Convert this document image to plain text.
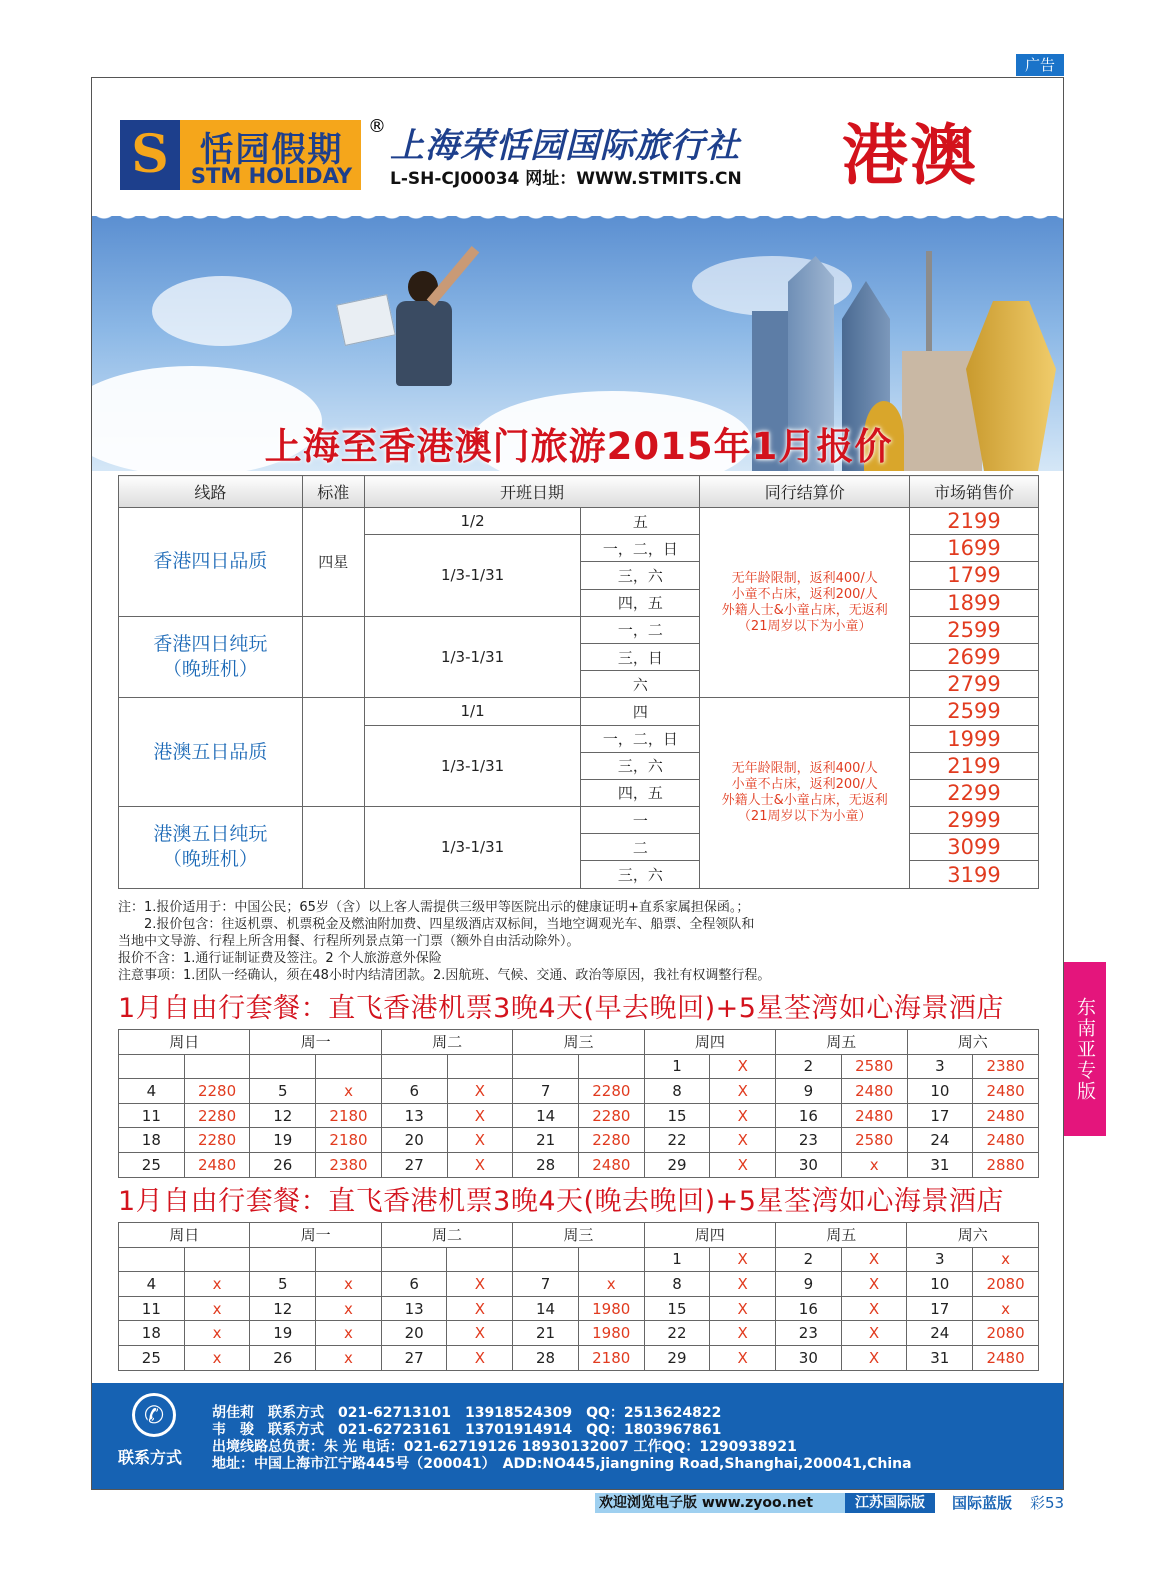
广告
S 恬园假期
STM HOLIDAY
® 上海荣恬园国际旅行社
L-SH-CJ00034 网址：WWW.STMITS.CN 港澳
上海至香港澳门旅游2015年1月报价
线路	标准	开班日期		同行结算价	市场销售价
香港四日品质	四星	1/2	五	无年龄限制，返利400/人
小童不占床，返利200/人
外籍人士&小童占床，无返利
（21周岁以下为小童）	2199
		1/3-1/31	一，二，日		1699
			三，六		1799
			四，五		1899

香港四日纯玩
（晚班机）		1/3-1/31	一，二		2599
			三，日		2699
			六		2799
港澳五日品质		1/1	四	无年龄限制，返利400/人
小童不占床，返利200/人
外籍人士&小童占床，无返利
（21周岁以下为小童）	2599
		1/3-1/31	一，二，日		1999
			三，六		2199
			四，五		2299

港澳五日纯玩
（晚班机）		1/3-1/31	一		2999
			二		3099
			三，六		3199
注：1.报价适用于：中国公民；65岁（含）以上客人需提供三级甲等医院出示的健康证明+直系家属担保函。；
　　2.报价包含：往返机票、机票税金及燃油附加费、四星级酒店双标间，当地空调观光车、船票、全程领队和
当地中文导游、行程上所含用餐、行程所列景点第一门票（额外自由活动除外）。
报价不含：1.通行证制证费及签注。2 个人旅游意外保险
注意事项：1.团队一经确认，须在48小时内结清团款。2.因航班、气候、交通、政治等原因，我社有权调整行程。
1月自由行套餐：直飞香港机票3晚4天(早去晚回)+5星荃湾如心海景酒店
周日		周一		周二		周三		周四		周五		周六	
								1	X	2	2580	3	2380
4	2280	5	x	6	X	7	2280	8	X	9	2480	10	2480
11	2280	12	2180	13	X	14	2280	15	X	16	2480	17	2480
18	2280	19	2180	20	X	21	2280	22	X	23	2580	24	2480
25	2480	26	2380	27	X	28	2480	29	X	30	x	31	2880
1月自由行套餐：直飞香港机票3晚4天(晚去晚回)+5星荃湾如心海景酒店
周日		周一		周二		周三		周四		周五		周六	
								1	X	2	X	3	x
4	x	5	x	6	X	7	x	8	X	9	X	10	2080
11	x	12	x	13	X	14	1980	15	X	16	X	17	x
18	x	19	x	20	X	21	1980	22	X	23	X	24	2080
25	x	26	x	27	X	28	2180	29	X	30	X	31	2480
✆
联系方式
胡佳莉　联系方式　021-62713101　13918524309　QQ：2513624822
韦　骏　联系方式　021-62723161　13701914914　QQ：1803967861
出境线路总负责：朱 光 电话：021-62719126 18930132007 工作QQ：1290938921
地址：中国上海市江宁路445号（200041）　ADD:NO445,jiangning Road,Shanghai,200041,China
东南亚专版
欢迎浏览电子版 www.zyoo.net	江苏国际版	国际蓝版 彩53
